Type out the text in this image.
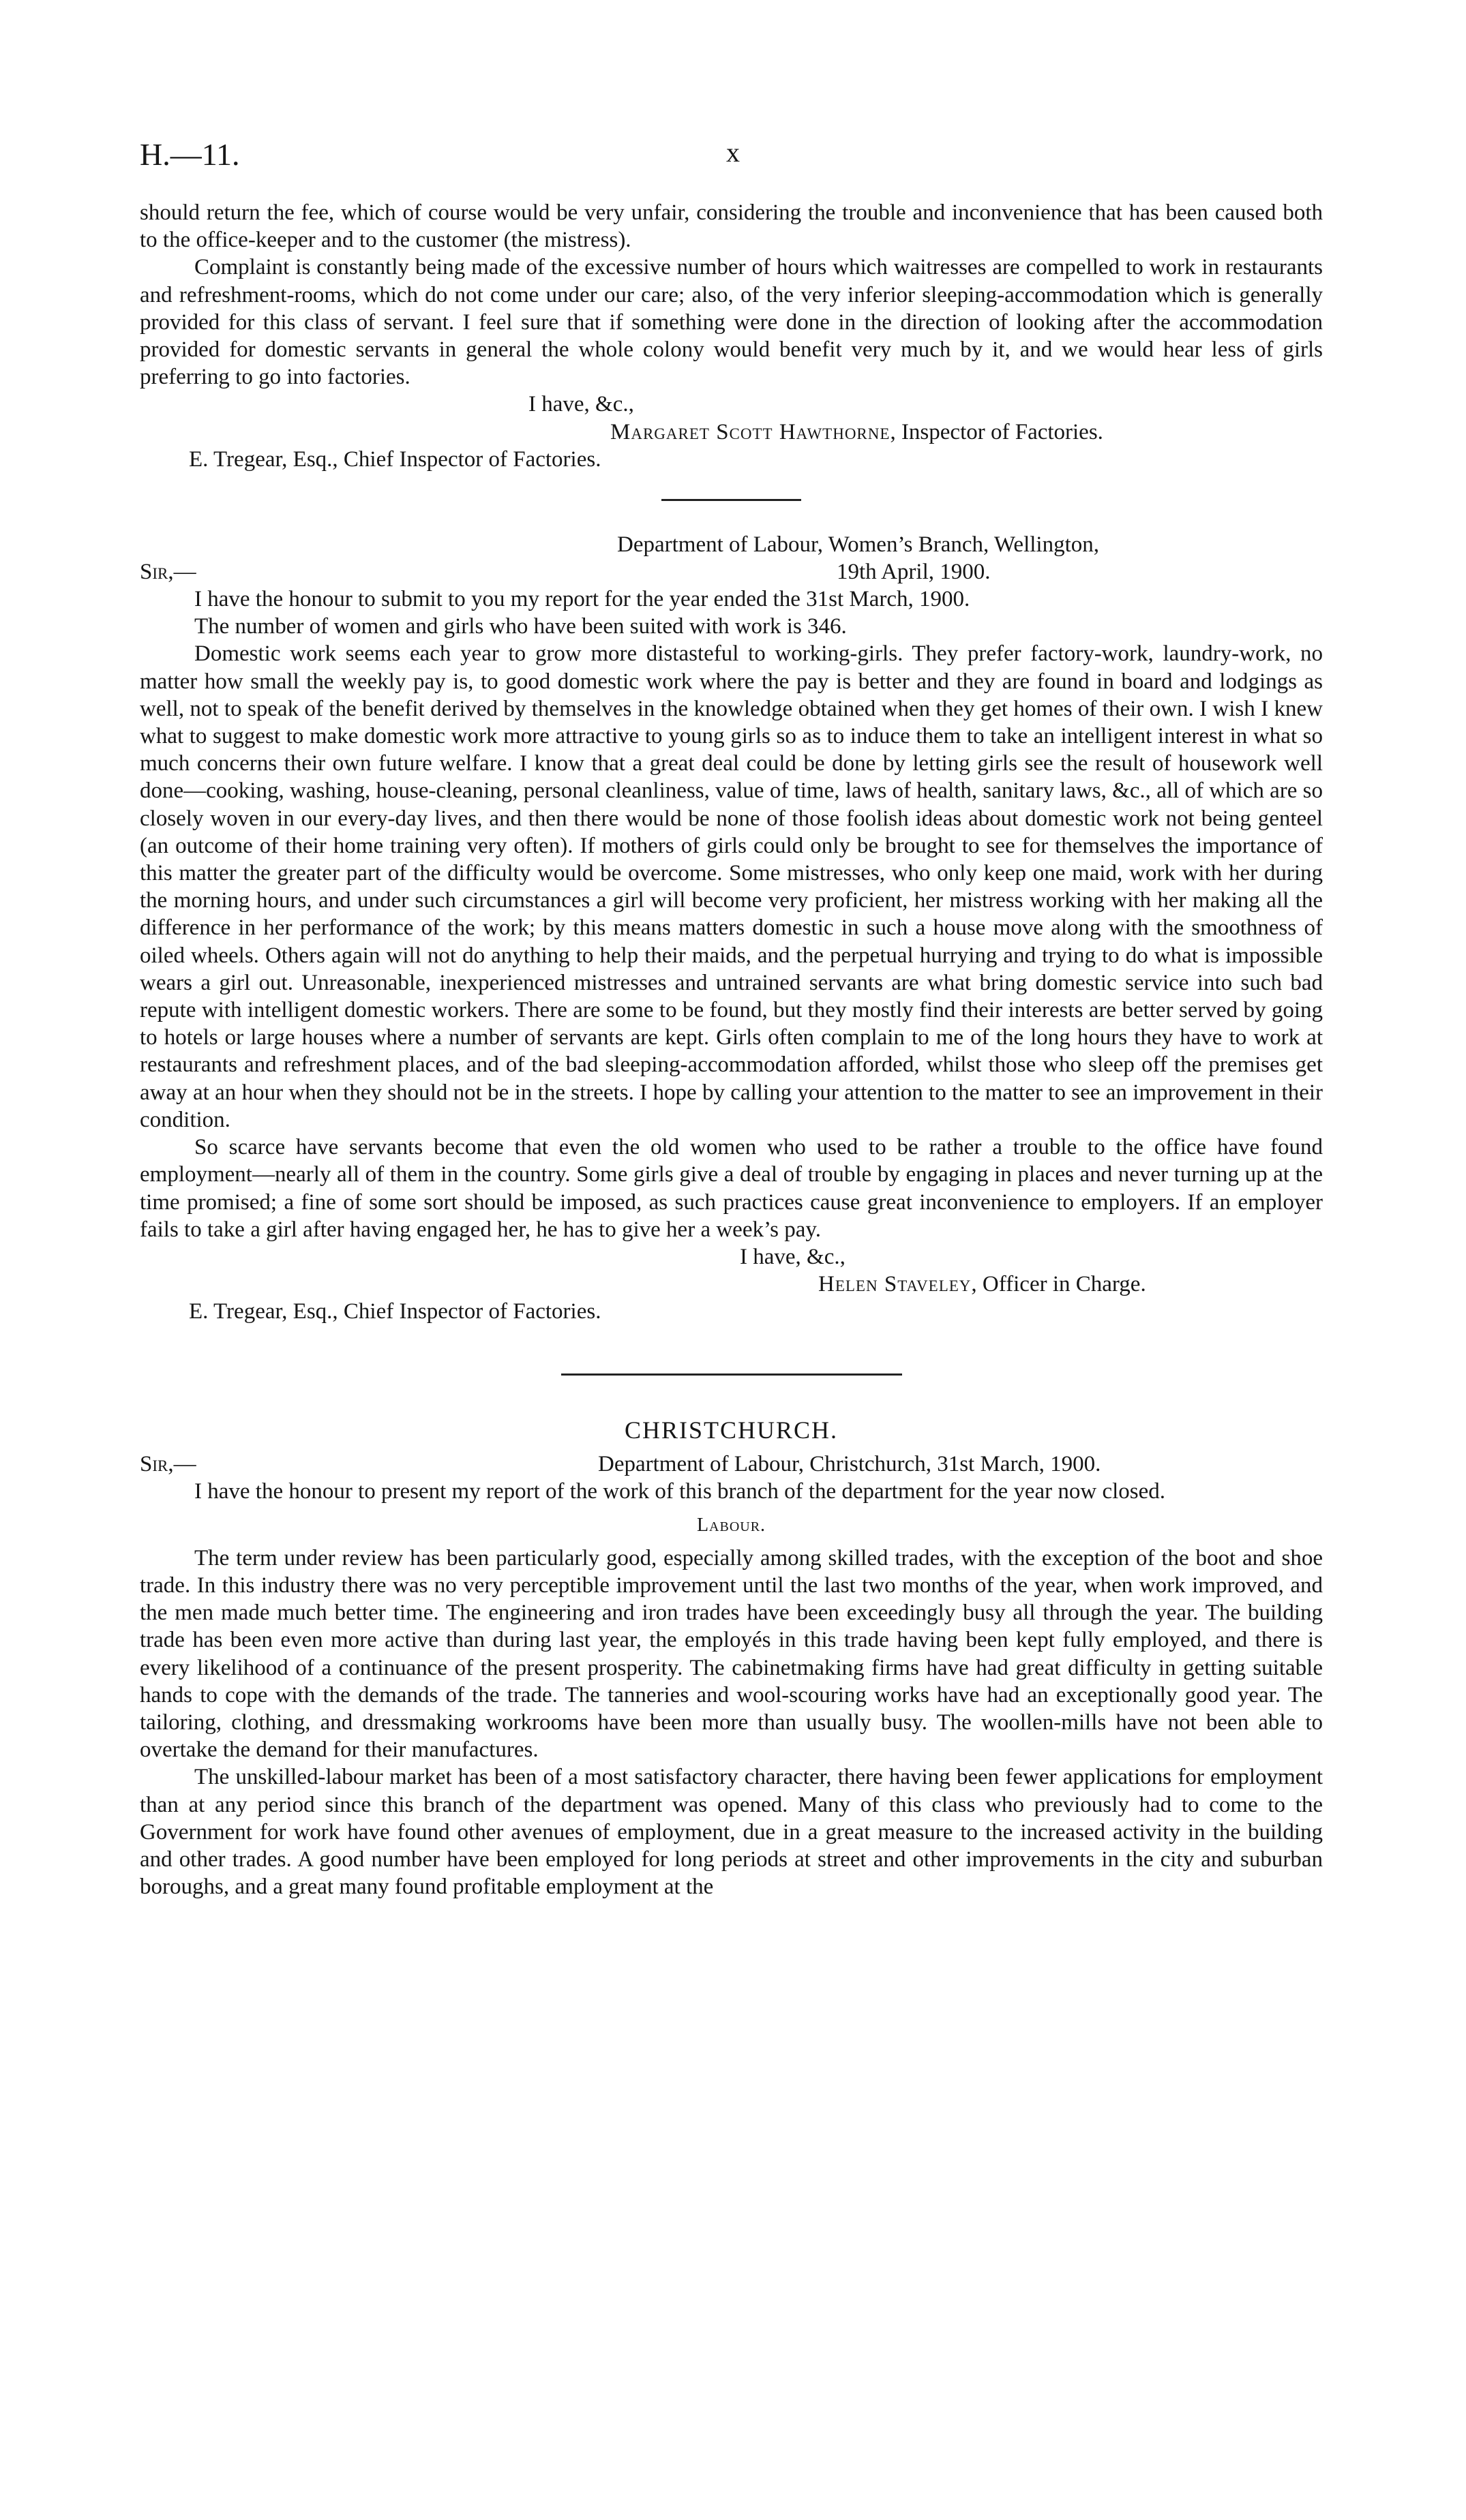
H.—11.	x

should return the fee, which of course would be very unfair, considering the trouble and inconvenience that has been caused both to the office-keeper and to the customer (the mistress).

Complaint is constantly being made of the excessive number of hours which waitresses are compelled to work in restaurants and refreshment-rooms, which do not come under our care; also, of the very inferior sleeping-accommodation which is generally provided for this class of servant. I feel sure that if something were done in the direction of looking after the accommodation provided for domestic servants in general the whole colony would benefit very much by it, and we would hear less of girls preferring to go into factories.

I have, &c.,

Margaret Scott Hawthorne, Inspector of Factories.

E. Tregear, Esq., Chief Inspector of Factories.

Department of Labour, Women’s Branch, Wellington,
Sir,—	19th April, 1900.

I have the honour to submit to you my report for the year ended the 31st March, 1900.

The number of women and girls who have been suited with work is 346.

Domestic work seems each year to grow more distasteful to working-girls. They prefer factory-work, laundry-work, no matter how small the weekly pay is, to good domestic work where the pay is better and they are found in board and lodgings as well, not to speak of the benefit derived by themselves in the knowledge obtained when they get homes of their own. I wish I knew what to suggest to make domestic work more attractive to young girls so as to induce them to take an intelligent interest in what so much concerns their own future welfare. I know that a great deal could be done by letting girls see the result of housework well done—cooking, washing, house-cleaning, personal cleanliness, value of time, laws of health, sanitary laws, &c., all of which are so closely woven in our every-day lives, and then there would be none of those foolish ideas about domestic work not being genteel (an outcome of their home training very often). If mothers of girls could only be brought to see for themselves the importance of this matter the greater part of the difficulty would be overcome. Some mistresses, who only keep one maid, work with her during the morning hours, and under such circumstances a girl will become very proficient, her mistress working with her making all the difference in her performance of the work; by this means matters domestic in such a house move along with the smoothness of oiled wheels. Others again will not do anything to help their maids, and the perpetual hurrying and trying to do what is impossible wears a girl out. Unreasonable, inexperienced mistresses and untrained servants are what bring domestic service into such bad repute with intelligent domestic workers. There are some to be found, but they mostly find their interests are better served by going to hotels or large houses where a number of servants are kept. Girls often complain to me of the long hours they have to work at restaurants and refreshment places, and of the bad sleeping-accommodation afforded, whilst those who sleep off the premises get away at an hour when they should not be in the streets. I hope by calling your attention to the matter to see an improvement in their condition.

So scarce have servants become that even the old women who used to be rather a trouble to the office have found employment—nearly all of them in the country. Some girls give a deal of trouble by engaging in places and never turning up at the time promised; a fine of some sort should be imposed, as such practices cause great inconvenience to employers. If an employer fails to take a girl after having engaged her, he has to give her a week’s pay.

I have, &c.,

Helen Staveley, Officer in Charge.

E. Tregear, Esq., Chief Inspector of Factories.

CHRISTCHURCH.

Sir,—	Department of Labour, Christchurch, 31st March, 1900.

I have the honour to present my report of the work of this branch of the department for the year now closed.

Labour.

The term under review has been particularly good, especially among skilled trades, with the exception of the boot and shoe trade. In this industry there was no very perceptible improvement until the last two months of the year, when work improved, and the men made much better time. The engineering and iron trades have been exceedingly busy all through the year. The building trade has been even more active than during last year, the employés in this trade having been kept fully employed, and there is every likelihood of a continuance of the present prosperity. The cabinetmaking firms have had great difficulty in getting suitable hands to cope with the demands of the trade. The tanneries and wool-scouring works have had an exceptionally good year. The tailoring, clothing, and dressmaking workrooms have been more than usually busy. The woollen-mills have not been able to overtake the demand for their manufactures.

The unskilled-labour market has been of a most satisfactory character, there having been fewer applications for employment than at any period since this branch of the department was opened. Many of this class who previously had to come to the Government for work have found other avenues of employment, due in a great measure to the increased activity in the building and other trades. A good number have been employed for long periods at street and other improvements in the city and suburban boroughs, and a great many found profitable employment at the
